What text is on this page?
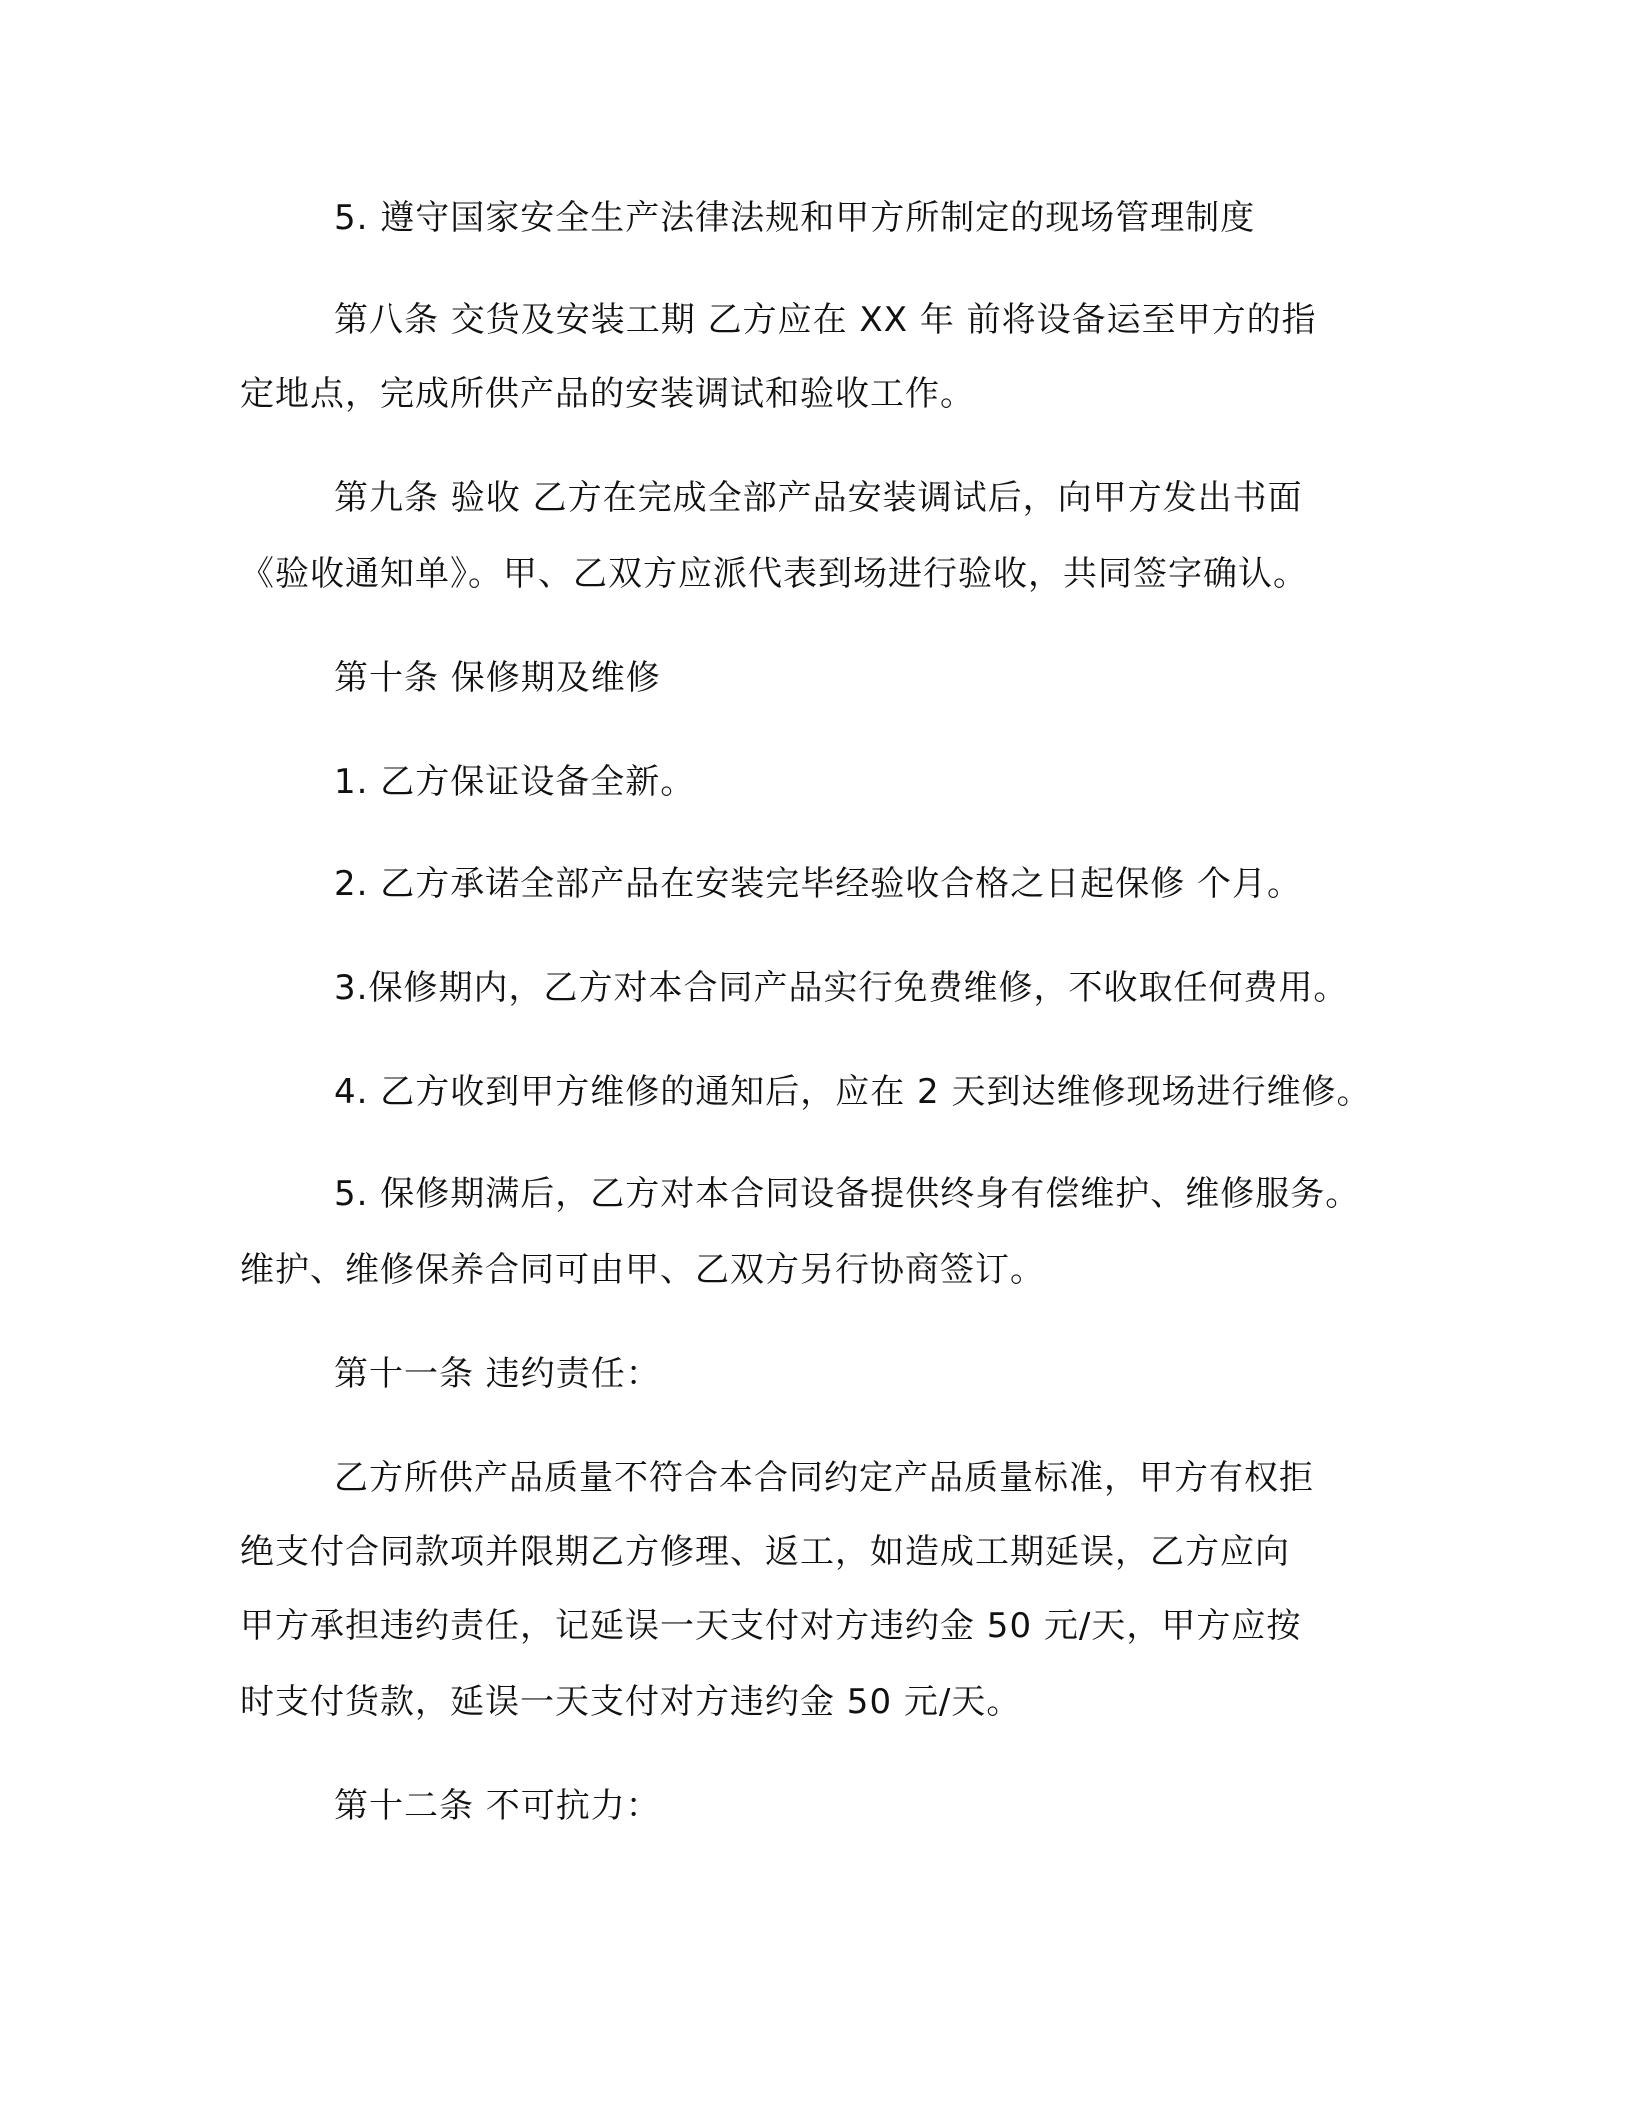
5. 遵守国家安全生产法律法规和甲方所制定的现场管理制度
第八条 交货及安装工期 乙方应在 XX 年 前将设备运至甲方的指
定地点，完成所供产品的安装调试和验收工作。
第九条 验收 乙方在完成全部产品安装调试后，向甲方发出书面
《验收通知单》。甲、乙双方应派代表到场进行验收，共同签字确认。
第十条 保修期及维修
1. 乙方保证设备全新。
2. 乙方承诺全部产品在安装完毕经验收合格之日起保修 个月。
3.保修期内，乙方对本合同产品实行免费维修，不收取任何费用。
4. 乙方收到甲方维修的通知后，应在 2 天到达维修现场进行维修。
5. 保修期满后，乙方对本合同设备提供终身有偿维护、维修服务。
维护、维修保养合同可由甲、乙双方另行协商签订。
第十一条 违约责任：
乙方所供产品质量不符合本合同约定产品质量标准，甲方有权拒
绝支付合同款项并限期乙方修理、返工，如造成工期延误，乙方应向
甲方承担违约责任，记延误一天支付对方违约金 50 元/天，甲方应按
时支付货款，延误一天支付对方违约金 50 元/天。
第十二条 不可抗力：
